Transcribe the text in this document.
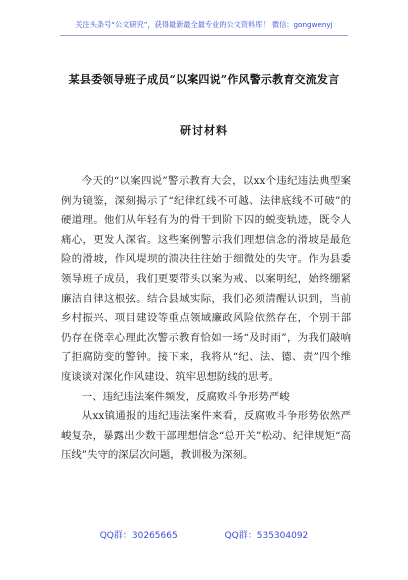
关注头条号“公文研究”，获得最新最全最专业的公文资料库！ 微信：gongwenyj
某县委领导班子成员“以案四说”作风警示教育交流发言
研讨材料

今天的“以案四说”警示教育大会，以xx个违纪违法典型案例为镜鉴，深刻揭示了“纪律红线不可越、法律底线不可破”的硬道理。他们从年轻有为的骨干到阶下囚的蜕变轨迹，既令人痛心，更发人深省。这些案例警示我们理想信念的滑坡是最危险的滑坡，作风堤坝的溃决往往始于细微处的失守。作为县委领导班子成员，我们更要带头以案为戒、以案明纪，始终绷紧廉洁自律这根弦。结合县域实际，我们必须清醒认识到，当前乡村振兴、项目建设等重点领域廉政风险依然存在，个别干部仍存在侥幸心理此次警示教育恰如一场“及时雨”，为我们敲响了拒腐防变的警钟。接下来，我将从“纪、法、德、责”四个维度谈谈对深化作风建设、筑牢思想防线的思考。

一、违纪违法案件频发，反腐败斗争形势严峻

从xx镇通报的违纪违法案件来看，反腐败斗争形势依然严峻复杂，暴露出少数干部理想信念“总开关”松动、纪律规矩“高压线”失守的深层次问题，教训极为深刻。

QQ群：30265665	QQ群：535304092
